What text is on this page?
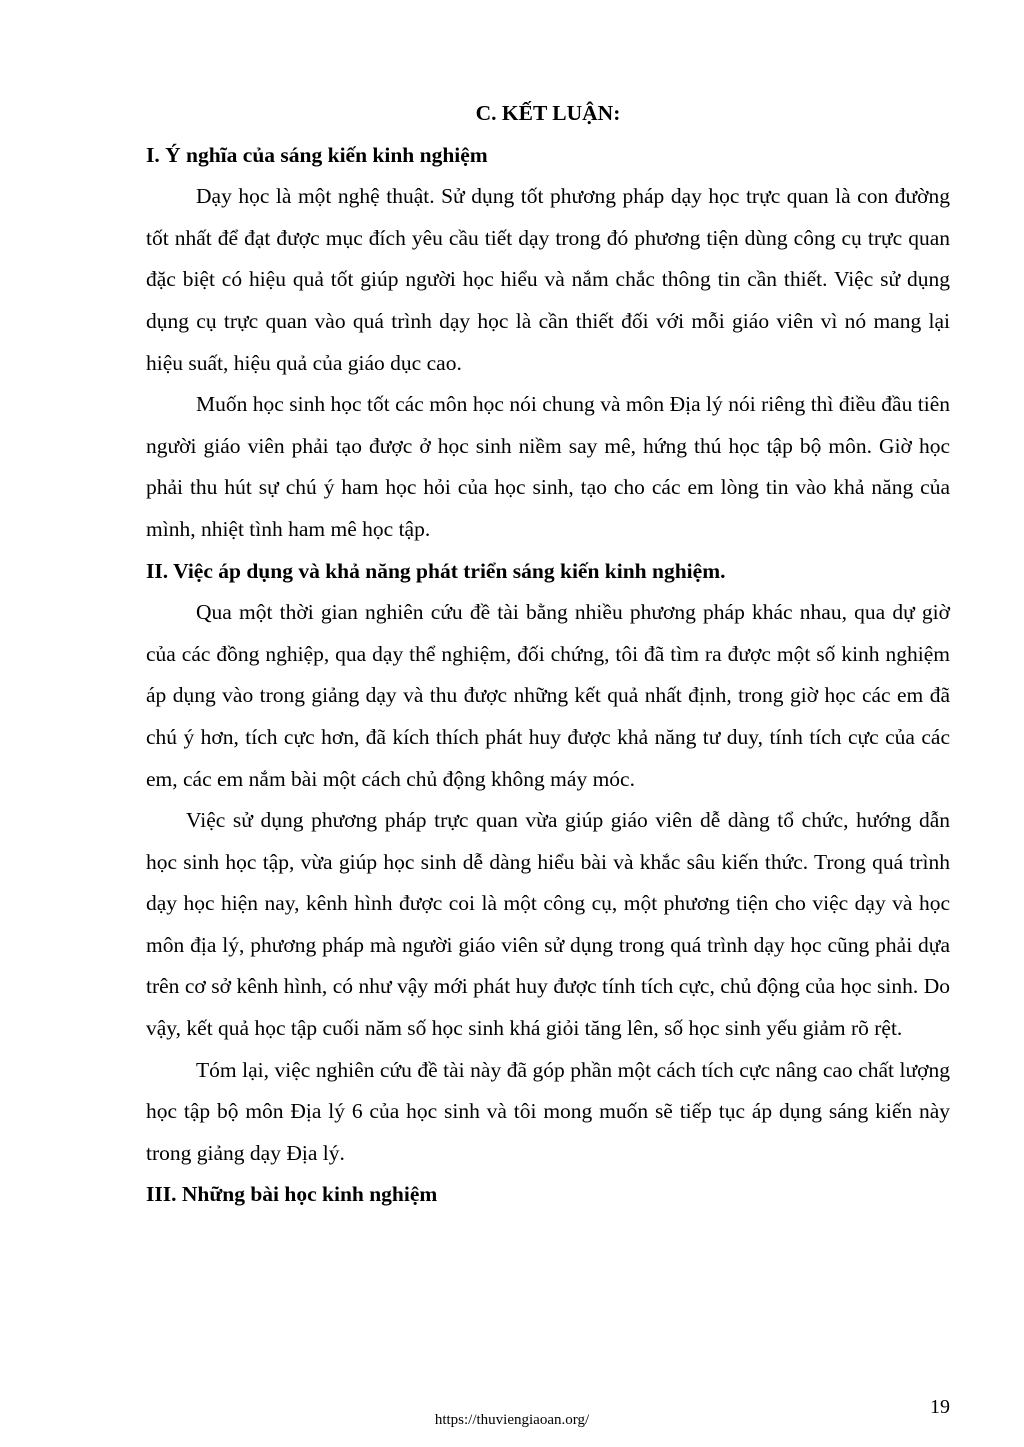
C. KẾT LUẬN:

I. Ý nghĩa của sáng kiến kinh nghiệm

Dạy học là một nghệ thuật. Sử dụng tốt phương pháp dạy học trực quan là con đường tốt nhất để đạt được mục đích yêu cầu tiết dạy trong đó phương tiện dùng công cụ trực quan đặc biệt có hiệu quả tốt giúp người học hiểu và nắm chắc thông tin cần thiết. Việc sử dụng dụng cụ trực quan vào quá trình dạy học là cần thiết đối với mỗi giáo viên vì nó mang lại hiệu suất, hiệu quả của giáo dục cao.

Muốn học sinh học tốt các môn học nói chung và môn Địa lý nói riêng thì điều đầu tiên người giáo viên phải tạo được ở học sinh niềm say mê, hứng thú học tập bộ môn. Giờ học phải thu hút sự chú ý ham học hỏi của học sinh, tạo cho các em lòng tin vào khả năng của mình, nhiệt tình ham mê học tập.

II. Việc áp dụng và khả năng phát triển sáng kiến kinh nghiệm.

Qua một thời gian nghiên cứu đề tài bằng nhiều phương pháp khác nhau, qua dự giờ của các đồng nghiệp, qua dạy thể nghiệm, đối chứng, tôi đã tìm ra được một số kinh nghiệm áp dụng vào trong giảng dạy và thu được những kết quả nhất định, trong giờ học các em đã chú ý hơn, tích cực hơn, đã kích thích phát huy được khả năng tư duy, tính tích cực của các em, các em nắm bài một cách chủ động không máy móc.

Việc sử dụng phương pháp trực quan vừa giúp giáo viên dễ dàng tổ chức, hướng dẫn học sinh học tập, vừa giúp học sinh dễ dàng hiểu bài và khắc sâu kiến thức. Trong quá trình dạy học hiện nay, kênh hình được coi là một công cụ, một phương tiện cho việc dạy và học môn địa lý, phương pháp mà người giáo viên sử dụng trong quá trình dạy học cũng phải dựa trên cơ sở kênh hình, có như vậy mới phát huy được tính tích cực, chủ động của học sinh. Do vậy, kết quả học tập cuối năm số học sinh khá giỏi tăng lên, số học sinh yếu giảm rõ rệt.

Tóm lại, việc nghiên cứu đề tài này đã góp phần một cách tích cực nâng cao chất lượng học tập bộ môn Địa lý 6 của học sinh và tôi mong muốn sẽ tiếp tục áp dụng sáng kiến này trong giảng dạy Địa lý.

III. Những bài học kinh nghiệm

19
https://thuviengiaoan.org/
